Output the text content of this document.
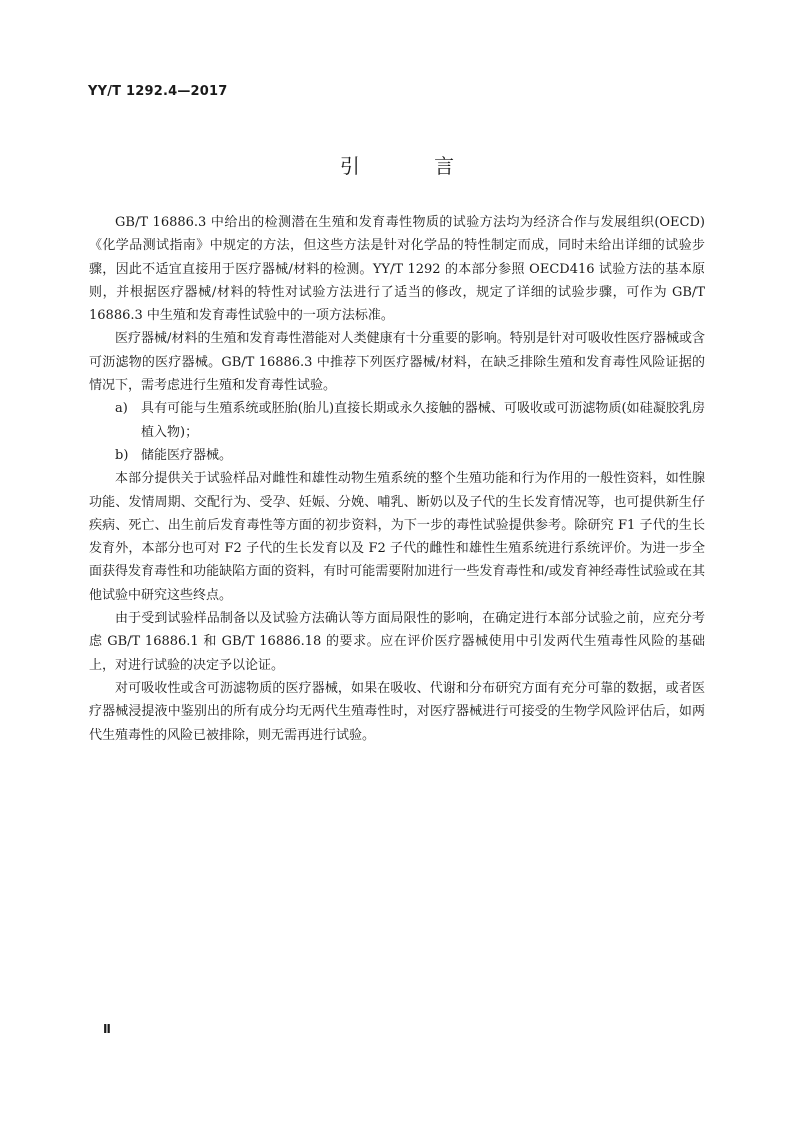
YY/T 1292.4—2017
引 言

GB/T 16886.3 中给出的检测潜在生殖和发育毒性物质的试验方法均为经济合作与发展组织(OECD)《化学品测试指南》中规定的方法，但这些方法是针对化学品的特性制定而成，同时未给出详细的试验步骤，因此不适宜直接用于医疗器械/材料的检测。YY/T 1292 的本部分参照 OECD416 试验方法的基本原则，并根据医疗器械/材料的特性对试验方法进行了适当的修改，规定了详细的试验步骤，可作为 GB/T 16886.3 中生殖和发育毒性试验中的一项方法标准。

医疗器械/材料的生殖和发育毒性潜能对人类健康有十分重要的影响。特别是针对可吸收性医疗器械或含可沥滤物的医疗器械。GB/T 16886.3 中推荐下列医疗器械/材料，在缺乏排除生殖和发育毒性风险证据的情况下，需考虑进行生殖和发育毒性试验。

a)	具有可能与生殖系统或胚胎(胎儿)直接长期或永久接触的器械、可吸收或可沥滤物质(如硅凝胶乳房植入物)；
b) 储能医疗器械。

本部分提供关于试验样品对雌性和雄性动物生殖系统的整个生殖功能和行为作用的一般性资料，如性腺功能、发情周期、交配行为、受孕、妊娠、分娩、哺乳、断奶以及子代的生长发育情况等，也可提供新生仔疾病、死亡、出生前后发育毒性等方面的初步资料，为下一步的毒性试验提供参考。除研究 F1 子代的生长发育外，本部分也可对 F2 子代的生长发育以及 F2 子代的雌性和雄性生殖系统进行系统评价。为进一步全面获得发育毒性和功能缺陷方面的资料，有时可能需要附加进行一些发育毒性和/或发育神经毒性试验或在其他试验中研究这些终点。

由于受到试验样品制备以及试验方法确认等方面局限性的影响，在确定进行本部分试验之前，应充分考虑 GB/T 16886.1 和 GB/T 16886.18 的要求。应在评价医疗器械使用中引发两代生殖毒性风险的基础上，对进行试验的决定予以论证。

对可吸收性或含可沥滤物质的医疗器械，如果在吸收、代谢和分布研究方面有充分可靠的数据，或者医疗器械浸提液中鉴别出的所有成分均无两代生殖毒性时，对医疗器械进行可接受的生物学风险评估后，如两代生殖毒性的风险已被排除，则无需再进行试验。

Ⅱ
